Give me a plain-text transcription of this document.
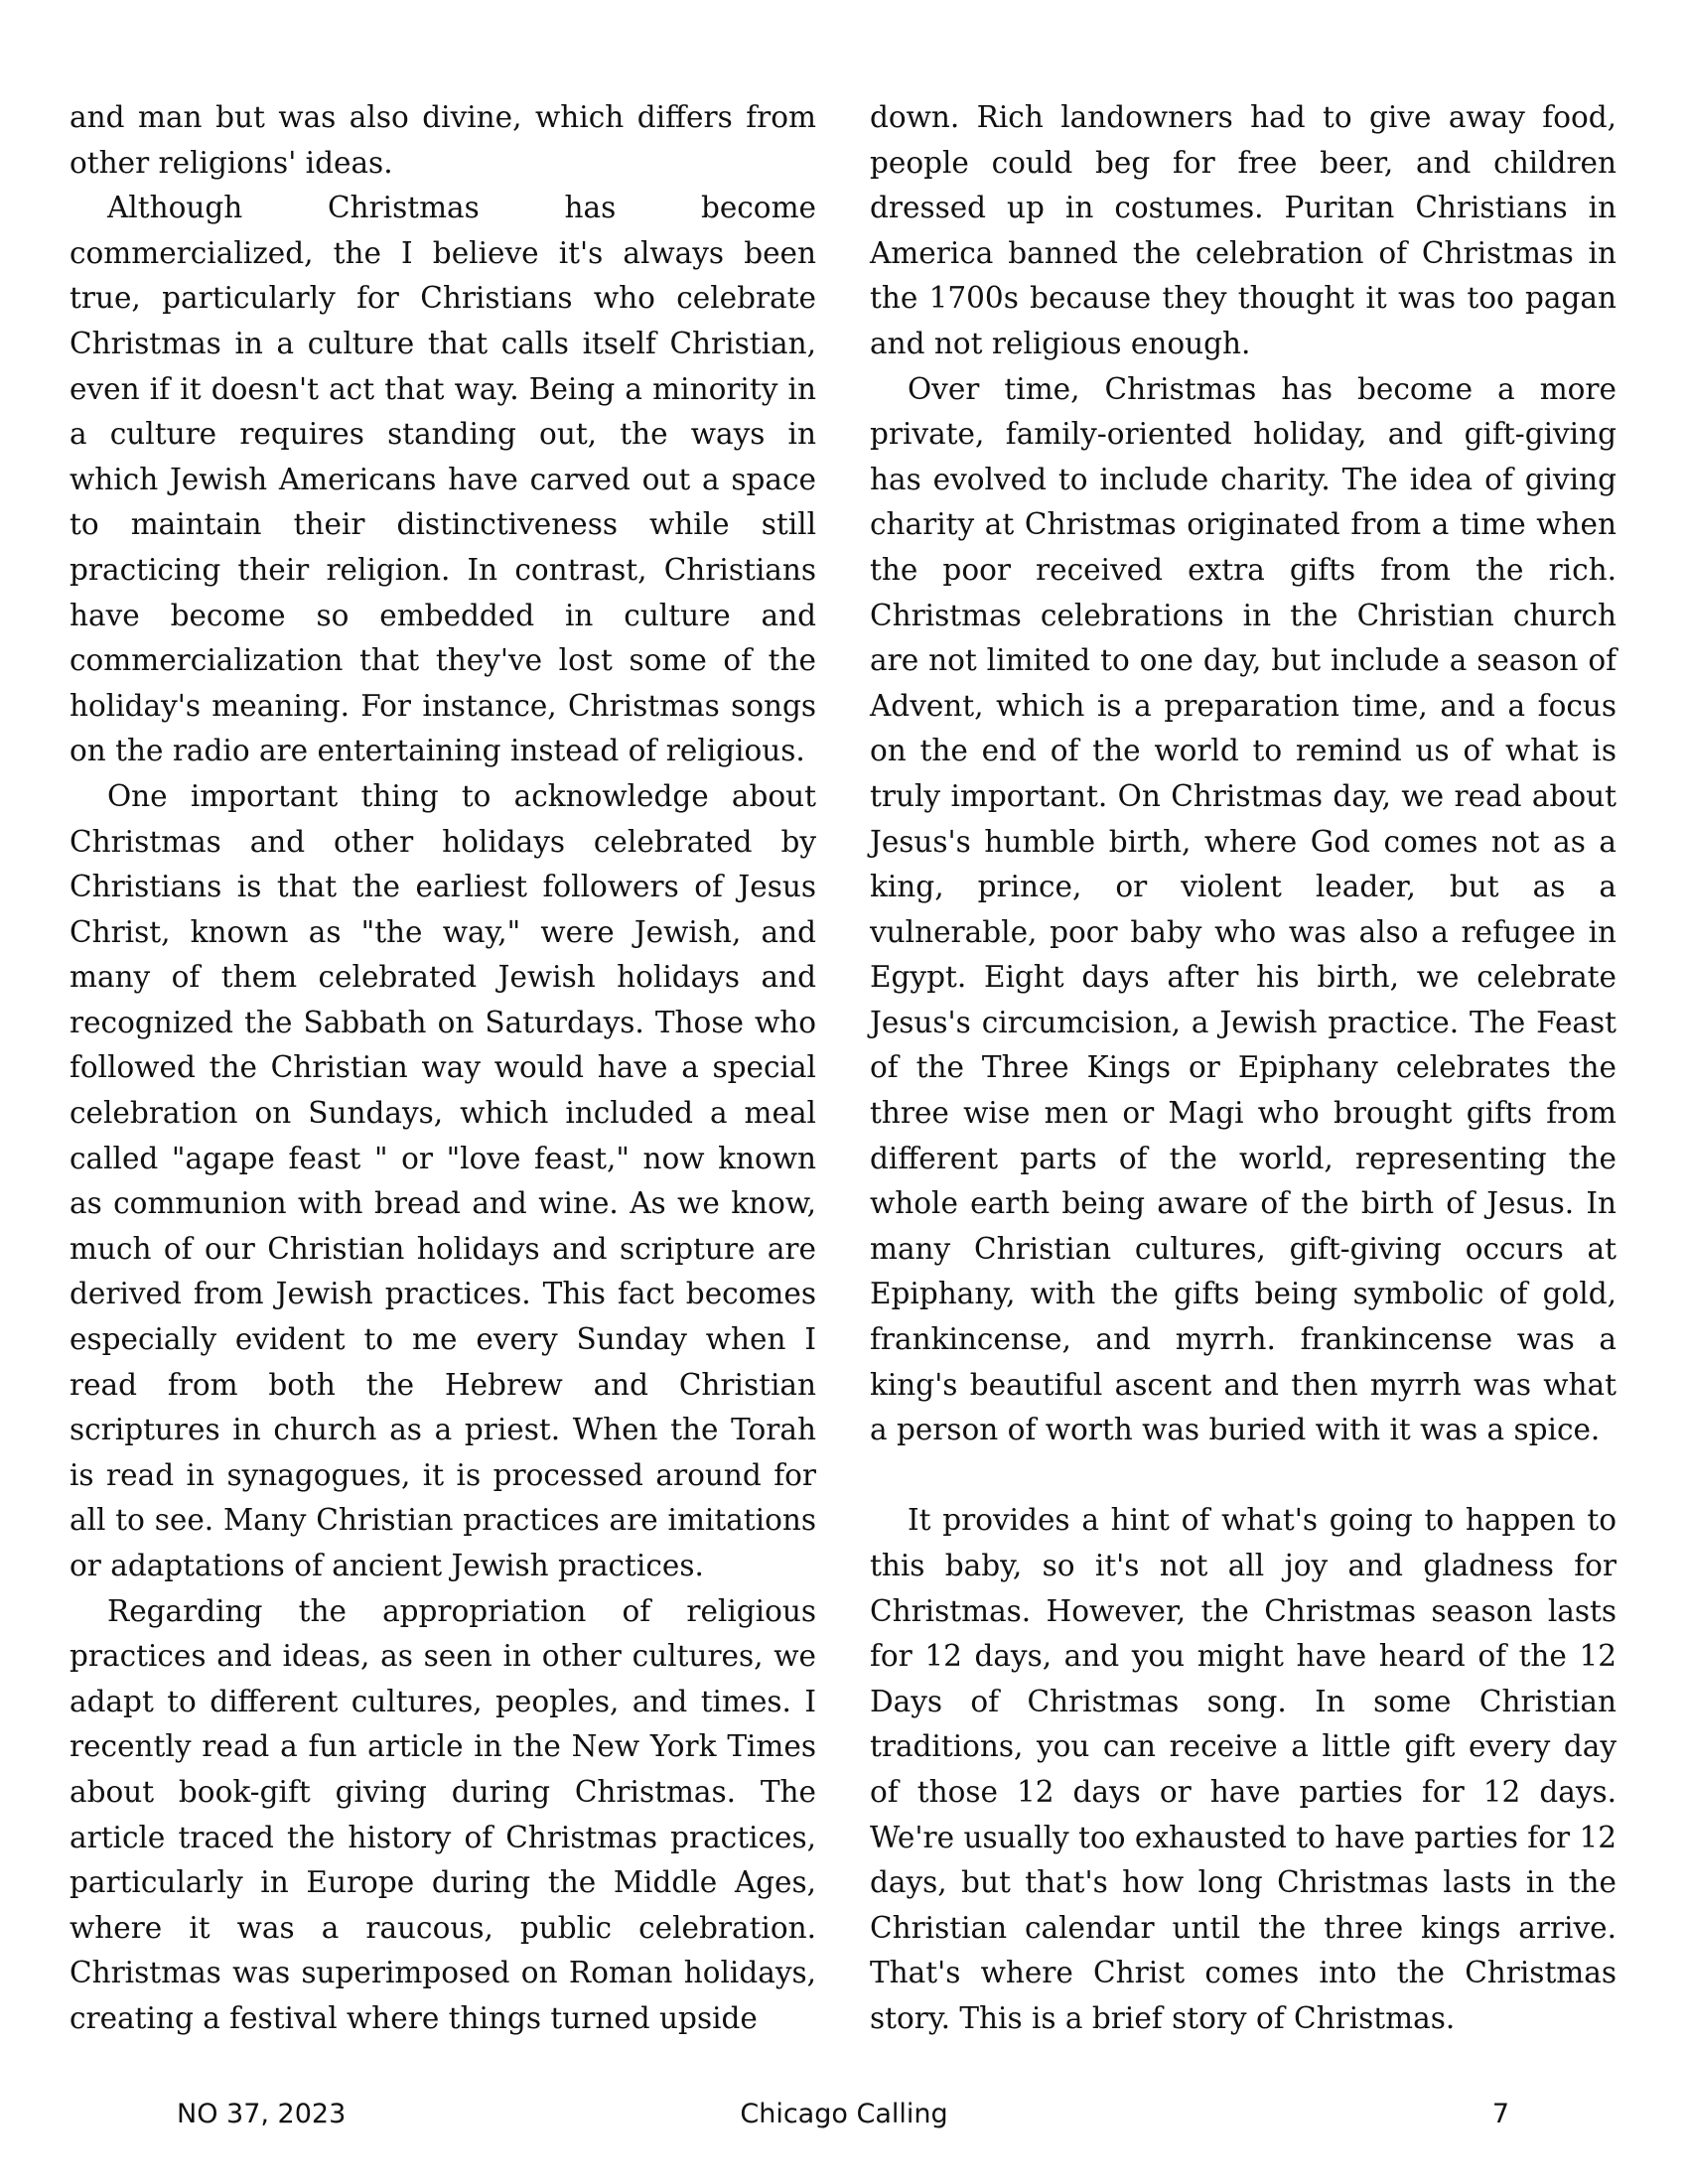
and man but was also divine, which differs from other religions' ideas.

Although Christmas has become commercialized, the I believe it's always been true, particularly for Christians who celebrate Christmas in a culture that calls itself Christian, even if it doesn't act that way. Being a minority in a culture requires standing out, the ways in which Jewish Americans have carved out a space to maintain their distinctiveness while still practicing their religion. In contrast, Christians have become so embedded in culture and commercialization that they've lost some of the holiday's meaning. For instance, Christmas songs on the radio are entertaining instead of religious.

One important thing to acknowledge about Christmas and other holidays celebrated by Christians is that the earliest followers of Jesus Christ, known as "the way," were Jewish, and many of them celebrated Jewish holidays and recognized the Sabbath on Saturdays. Those who followed the Christian way would have a special celebration on Sundays, which included a meal called "agape feast " or "love feast," now known as communion with bread and wine. As we know, much of our Christian holidays and scripture are derived from Jewish practices. This fact becomes especially evident to me every Sunday when I read from both the Hebrew and Christian scriptures in church as a priest. When the Torah is read in synagogues, it is processed around for all to see. Many Christian practices are imitations or adaptations of ancient Jewish practices.

Regarding the appropriation of religious practices and ideas, as seen in other cultures, we adapt to different cultures, peoples, and times. I recently read a fun article in the New York Times about book-gift giving during Christmas. The article traced the history of Christmas practices, particularly in Europe during the Middle Ages, where it was a raucous, public celebration. Christmas was superimposed on Roman holidays, creating a festival where things turned upside

down. Rich landowners had to give away food, people could beg for free beer, and children dressed up in costumes. Puritan Christians in America banned the celebration of Christmas in the 1700s because they thought it was too pagan and not religious enough.

Over time, Christmas has become a more private, family-oriented holiday, and gift-giving has evolved to include charity. The idea of giving charity at Christmas originated from a time when the poor received extra gifts from the rich. Christmas celebrations in the Christian church are not limited to one day, but include a season of Advent, which is a preparation time, and a focus on the end of the world to remind us of what is truly important. On Christmas day, we read about Jesus's humble birth, where God comes not as a king, prince, or violent leader, but as a vulnerable, poor baby who was also a refugee in Egypt. Eight days after his birth, we celebrate Jesus's circumcision, a Jewish practice. The Feast of the Three Kings or Epiphany celebrates the three wise men or Magi who brought gifts from different parts of the world, representing the whole earth being aware of the birth of Jesus. In many Christian cultures, gift-giving occurs at Epiphany, with the gifts being symbolic of gold, frankincense, and myrrh. frankincense was a king's beautiful ascent and then myrrh was what a person of worth was buried with it was a spice.

It provides a hint of what's going to happen to this baby, so it's not all joy and gladness for Christmas. However, the Christmas season lasts for 12 days, and you might have heard of the 12 Days of Christmas song. In some Christian traditions, you can receive a little gift every day of those 12 days or have parties for 12 days. We're usually too exhausted to have parties for 12 days, but that's how long Christmas lasts in the Christian calendar until the three kings arrive. That's where Christ comes into the Christmas story. This is a brief story of Christmas.

NO 37, 2023	Chicago Calling	7
